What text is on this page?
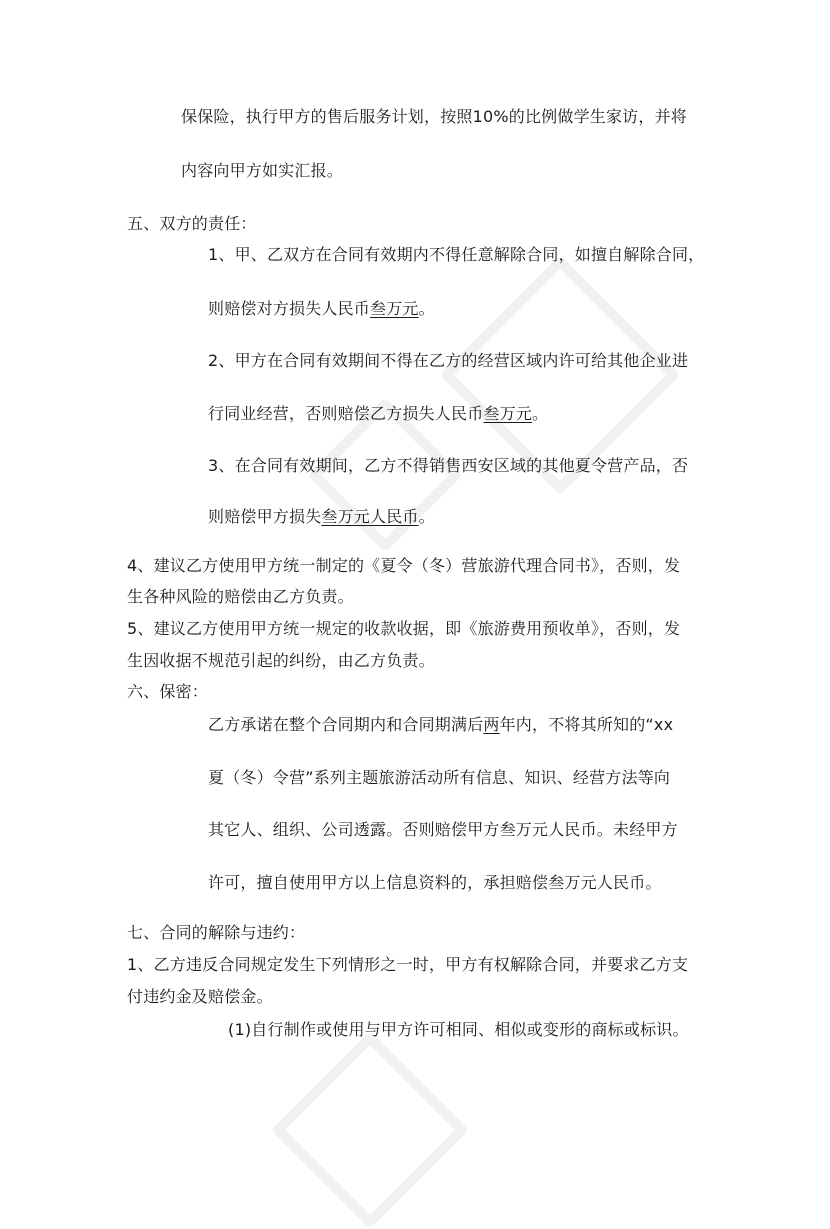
保保险，执行甲方的售后服务计划，按照10%的比例做学生家访，并将
内容向甲方如实汇报。
五、双方的责任：
1、甲、乙双方在合同有效期内不得任意解除合同，如擅自解除合同，
则赔偿对方损失人民币叁万元。
2、甲方在合同有效期间不得在乙方的经营区域内许可给其他企业进
行同业经营，否则赔偿乙方损失人民币叁万元。
3、在合同有效期间，乙方不得销售西安区域的其他夏令营产品，否
则赔偿甲方损失叁万元人民币。
4、建议乙方使用甲方统一制定的《夏令（冬）营旅游代理合同书》，否则，发
生各种风险的赔偿由乙方负责。
5、建议乙方使用甲方统一规定的收款收据，即《旅游费用预收单》，否则，发
生因收据不规范引起的纠纷，由乙方负责。
六、保密：
乙方承诺在整个合同期内和合同期满后两年内，不将其所知的“xx
夏（冬）令营”系列主题旅游活动所有信息、知识、经营方法等向
其它人、组织、公司透露。否则赔偿甲方叁万元人民币。未经甲方
许可，擅自使用甲方以上信息资料的，承担赔偿叁万元人民币。
七、合同的解除与违约：
1、乙方违反合同规定发生下列情形之一时，甲方有权解除合同，并要求乙方支
付违约金及赔偿金。
(1)自行制作或使用与甲方许可相同、相似或变形的商标或标识。
